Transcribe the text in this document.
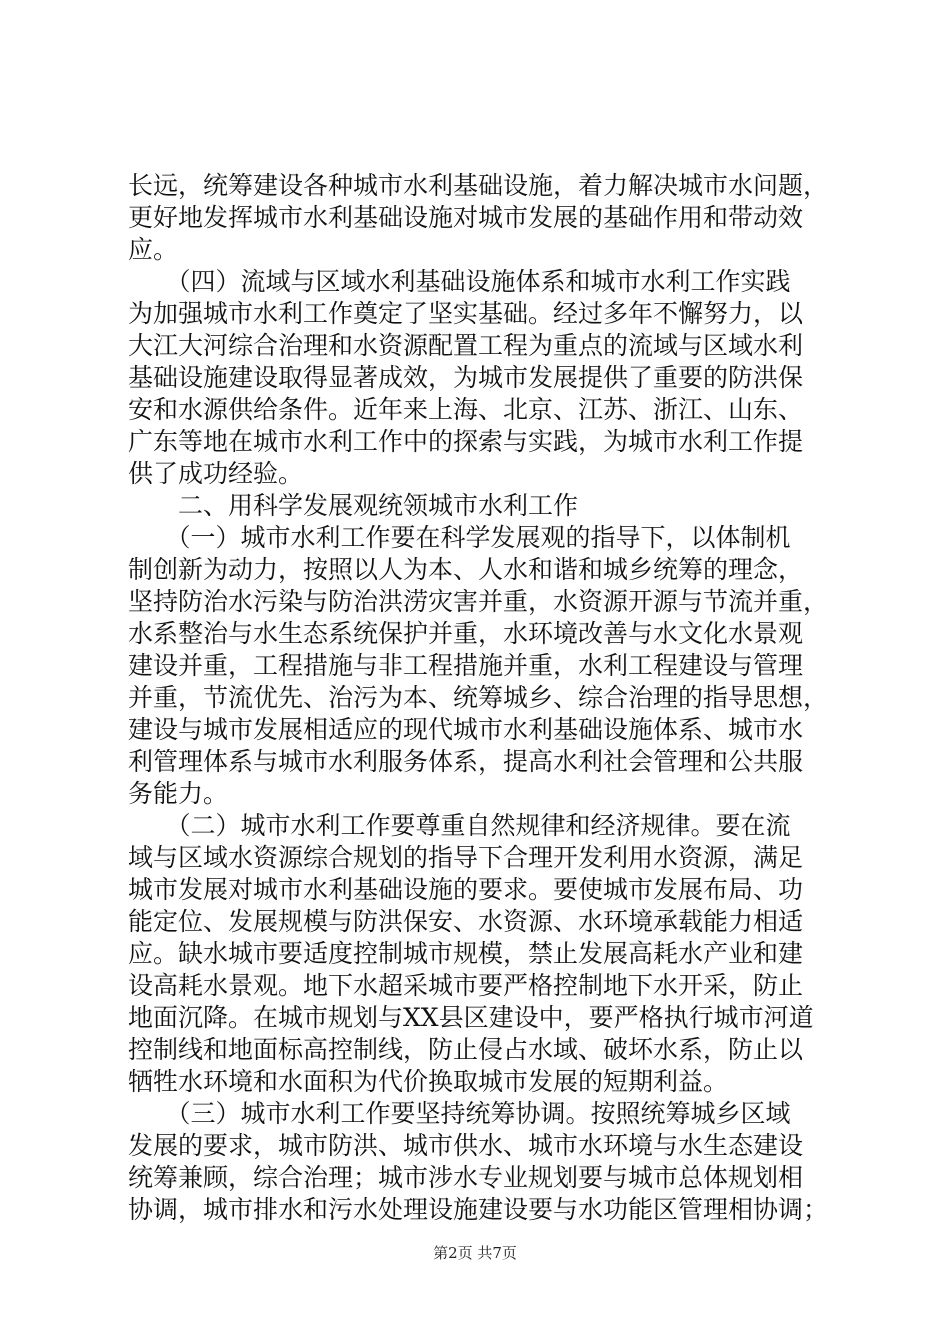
长远，统筹建设各种城市水利基础设施，着力解决城市水问题，
更好地发挥城市水利基础设施对城市发展的基础作用和带动效
应。
　　（四）流域与区域水利基础设施体系和城市水利工作实践
为加强城市水利工作奠定了坚实基础。经过多年不懈努力，以
大江大河综合治理和水资源配置工程为重点的流域与区域水利
基础设施建设取得显著成效，为城市发展提供了重要的防洪保
安和水源供给条件。近年来上海、北京、江苏、浙江、山东、
广东等地在城市水利工作中的探索与实践，为城市水利工作提
供了成功经验。
　　二、用科学发展观统领城市水利工作
　　（一）城市水利工作要在科学发展观的指导下，以体制机
制创新为动力，按照以人为本、人水和谐和城乡统筹的理念，
坚持防治水污染与防治洪涝灾害并重，水资源开源与节流并重，
水系整治与水生态系统保护并重，水环境改善与水文化水景观
建设并重，工程措施与非工程措施并重，水利工程建设与管理
并重，节流优先、治污为本、统筹城乡、综合治理的指导思想，
建设与城市发展相适应的现代城市水利基础设施体系、城市水
利管理体系与城市水利服务体系，提高水利社会管理和公共服
务能力。
　　（二）城市水利工作要尊重自然规律和经济规律。要在流
域与区域水资源综合规划的指导下合理开发利用水资源，满足
城市发展对城市水利基础设施的要求。要使城市发展布局、功
能定位、发展规模与防洪保安、水资源、水环境承载能力相适
应。缺水城市要适度控制城市规模，禁止发展高耗水产业和建
设高耗水景观。地下水超采城市要严格控制地下水开采，防止
地面沉降。在城市规划与XX县区建设中，要严格执行城市河道
控制线和地面标高控制线，防止侵占水域、破坏水系，防止以
牺牲水环境和水面积为代价换取城市发展的短期利益。
　　（三）城市水利工作要坚持统筹协调。按照统筹城乡区域
发展的要求，城市防洪、城市供水、城市水环境与水生态建设
统筹兼顾，综合治理；城市涉水专业规划要与城市总体规划相
协调，城市排水和污水处理设施建设要与水功能区管理相协调；
第2页 共7页
